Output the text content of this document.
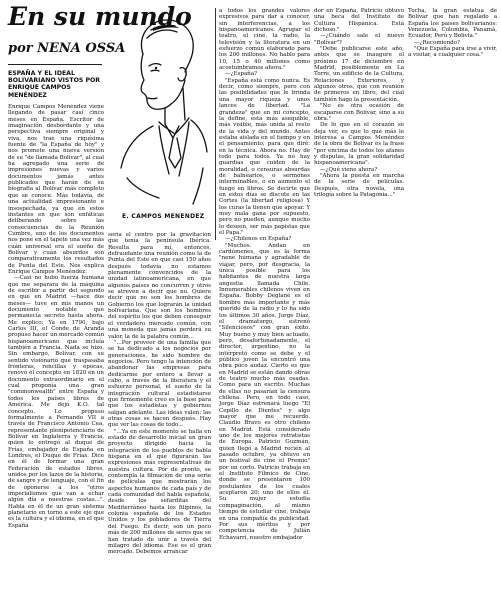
En su mundo
por NENA OSSA
ESPAÑA Y EL IDEAL BOLIVARIANO VISTOS POR ENRIQUE CAMPOS MENÉNDEZ
E. CAMPOS MENENDEZ

Enrique Campos Menéndez viene llegando de pasar casi cinco meses en España. Escritor de imaginación desbordante y una perspectiva siempre original y viva, nos trae una riquísima fuente de "la España de hoy" y nos promete una nueva versión de su "de llamada Bolívar", al cual ha agregado una serie de impresiones nuevas y varios documentos jamás antes publicados que harán de su biografía al Bolívar más completo que se conoce. Más todavía, de una actualidad impresionante e insospechada, ya que en estos instantes en que son enfáticas deliberando sobre las consecuencias de la Reunión Cumbre, uno de los documentos nos pone en el tapete una vez más cuán universal era el sueño de Bolívar y cuán absurdos son comparativamente los resultados de Punta del Este. Nos explica Enrique Campos Menéndez:

—Casi no hubo fuerza humana que me separara de la máquina de escribir a partir del segundo en que en Madrid —hace dos meses— tuve en mis manos un documento notable que permanecía secreto hasta ahora. Me explico: Ya en 1790, bajo Carlos III, el Conde de Aranda propuso hacer un mercado común hispanoamericano que incluía también a Francia. Nada se hizo. Sin embargo, Bolívar, con su sentido visionario que traspasaba fronteras, rencillas y épocas, renovó el concepto en 1820 en un documento extraordinario en el cual proponía una gran "commonwealth" entre España y todos los países libres de América. Me dejó K.O. tal concepto. Lo propuso formalmente a Fernando VII a través de Francisco Antonio Cea, representante plenipotenciario de Bolívar en Inglaterra y Francia, quien lo entregó al duque de Frías, embajador de España en Londres, el Duque de Frías. Dice en él de formar una gran Federación de estados libres, unidos por los lazos de la historia, de sangre y de lenguaje, con el fin de oponerse a los "otros imperialismos que van a echar algún día a nuestras costas...". Habla en él de un gran sistema planetario en torno a este eje que es la cultura y el idioma, en el que España

sería el centro por la gravitación que tenía la península Ibérica. Resulta para mí, entonces, defraudante una reunión como la de Punta del Este en que casi 150 años después todavía no estamos plenamente convencidos de la unidad latinoamericana, en que algunos países no concurren y otros se atreven a decir que no. Quiere decir que no son los hombres de Gobierno los que lograrán la unidad bolivariana. Que son los hombres del espíritu los que deben conseguir el verdadero mercado común, con una moneda que jamás perderá su valor, la de la palabra común...

"...Por proveer de una familia que se ha dedicado a los negocios por generaciones, he sido hombre de negocios. Pero tengo la intención de abandonar las empresas para dedicarme por entero a llevar a cabo, a través de la literatura y el esfuerzo personal, el sueño de la integración cultural estadistarse que firmemente creo es la base para que los estadistas y gobiernos salgan adelante. Las ideas valen; las otras cosas se hacen después. Hay que ver las cosas de todo...

"...Ya en este momento se halla en estado de desarrollo inicial un gran proyecto dirigido hacia la integración de los pueblos de habla hispana en el que figurarán las expresiones más representativas de nuestra cultura. Por de pronto, se contempla la filmación de una serie de películas que mostrarán los aspectos humanos de cada país y de cada comunidad del habla española, desde los sefarditas del Mediterráneo hasta los filipinos, la colonia española de los Estados Unidos y los pobladores de Tierra del Fuego. Es decir, son un poco más de 200 millones de seres que se han tratado de unir a través del milagro del idioma. Ese es el gran mercado. Debemos arrancar

a todos los grandes valores expresivos para dar a conocer, sin interferencias, a los hispanoamericanos. Agrupar el teatro, el cine, la radio, la televisión y la literatura en un esfuerzo común elaborado para los 200 millones. No hablo para 10, 15 o 40 millones como acostumbramos ahora."

—¿España?

"España está como nunca. Es decir, como siempre, pero con las posibilidades que le brinda una mayor riqueza y unos lances de libertad. "La grandeza" que en mi concepto, la define, está más asequible, más visible, más unida al resto de la vida y del mundo. Antes estaba aislada en el tiempo y en el pensamiento; para que diré: en la técnica. Ahora no. Hay de todo para todos. Ya no hay guardias que cuiden de la moralidad, o censuras absurdas de balnearios, o sermones interminables, o en aumento el fuego en libros. Se decirte que en estos días se discute en las Cortes (la libertad religiosa) Y los curas la tienen que apoyar. Y muy mala gana por supuesto, pero no pueden, aunque mucho lo deseen, ser más papistas que el Papa."

—¿Chilenos en España?

"Muchos. Andan en cardúmenes, que es la forma "nene humana y agradable de viajar, pero, por desgracia, la única posible para los habitantes de nuestra larga angustia llamada Chile. Innumerables chilenos viven en España. Bobby Deglané es el hombre más importante y más querido de la radio y lo ha sido los últimos 30 años. Jorge Díaz, el dramaturgo, estrenó "Silenciosos" con gran éxito. Muy bueno y muy bien actuado, pero, desafortunadamente, el director, argentino, no la interpretó como se debe y el público joven la encontró una obra poco audaz. Cierto es que en Madrid se están dando obras de teatro mucho más osadas. Como para un escrito. Muchas de ellas no pasarían la censura chilena. Pero, en todo caso, Jorge Díaz estrenará luego "El Cepillo de Dientes" y algo mayor que me recuerdo. Claudio Bravo es otro chileno en Madrid. Está considerado uno de los mejores retratistas de Europa. Patricio Guzmán, quien llegó a Madrid recién al pasado octubre, ya obtuvo en un festival de cine el Premio" por un corto. Patricio trabaja en el Instituto Fílmico de Cine, donde se presentaron 100 postulantes de los cuales aceptaron 20; uno de ellos él. Su mujer estudia compaginación, al mismo tiempo de estudiar cine, trabaja en una compañía de publicidad. Por sus méritos y por competencia de Julián Echavarri, nuestro embajador

dor en España, Patricio obtuvo una beca del Instituto de Cultura Hispánica. Está dichoso."

—¿Cuándo sale el nuevo "Bolívar"?

"Debe publicarse este año, antes que se inaugure el próximo 17 de diciembre en Madrid, posiblemente en La Torre, un edificio de la Cultura, Relaciones Exteriores, y algunos otros, que con reunión de primeros en libro, del cual también hago la presentación.

"No es otra ocasión de escaparse con Bolívar, sino a su obra."

De lo que en el corazón se deja ver, es que lo que más le interesa a Campos Menéndez de la obra de Bolívar es la frase "por encima de todos los afanes y disputas, la gran solidaridad hispanoamericana".

—¿Qué viene ahora?

"Ahora la puesta en marcha de la serie de películas. Después, otra novela, una trilogía sobre la Patagonia..."

Tocha, la gran estatua de Bolívar que han regalado a España los países bolivarianos: Venezuela, Colombia, Panamá, Ecuador, Perú y Bolivia."

—¿Recomiendo?

"Que España para irse a vivir, a visitar, a cualquier cosa."
